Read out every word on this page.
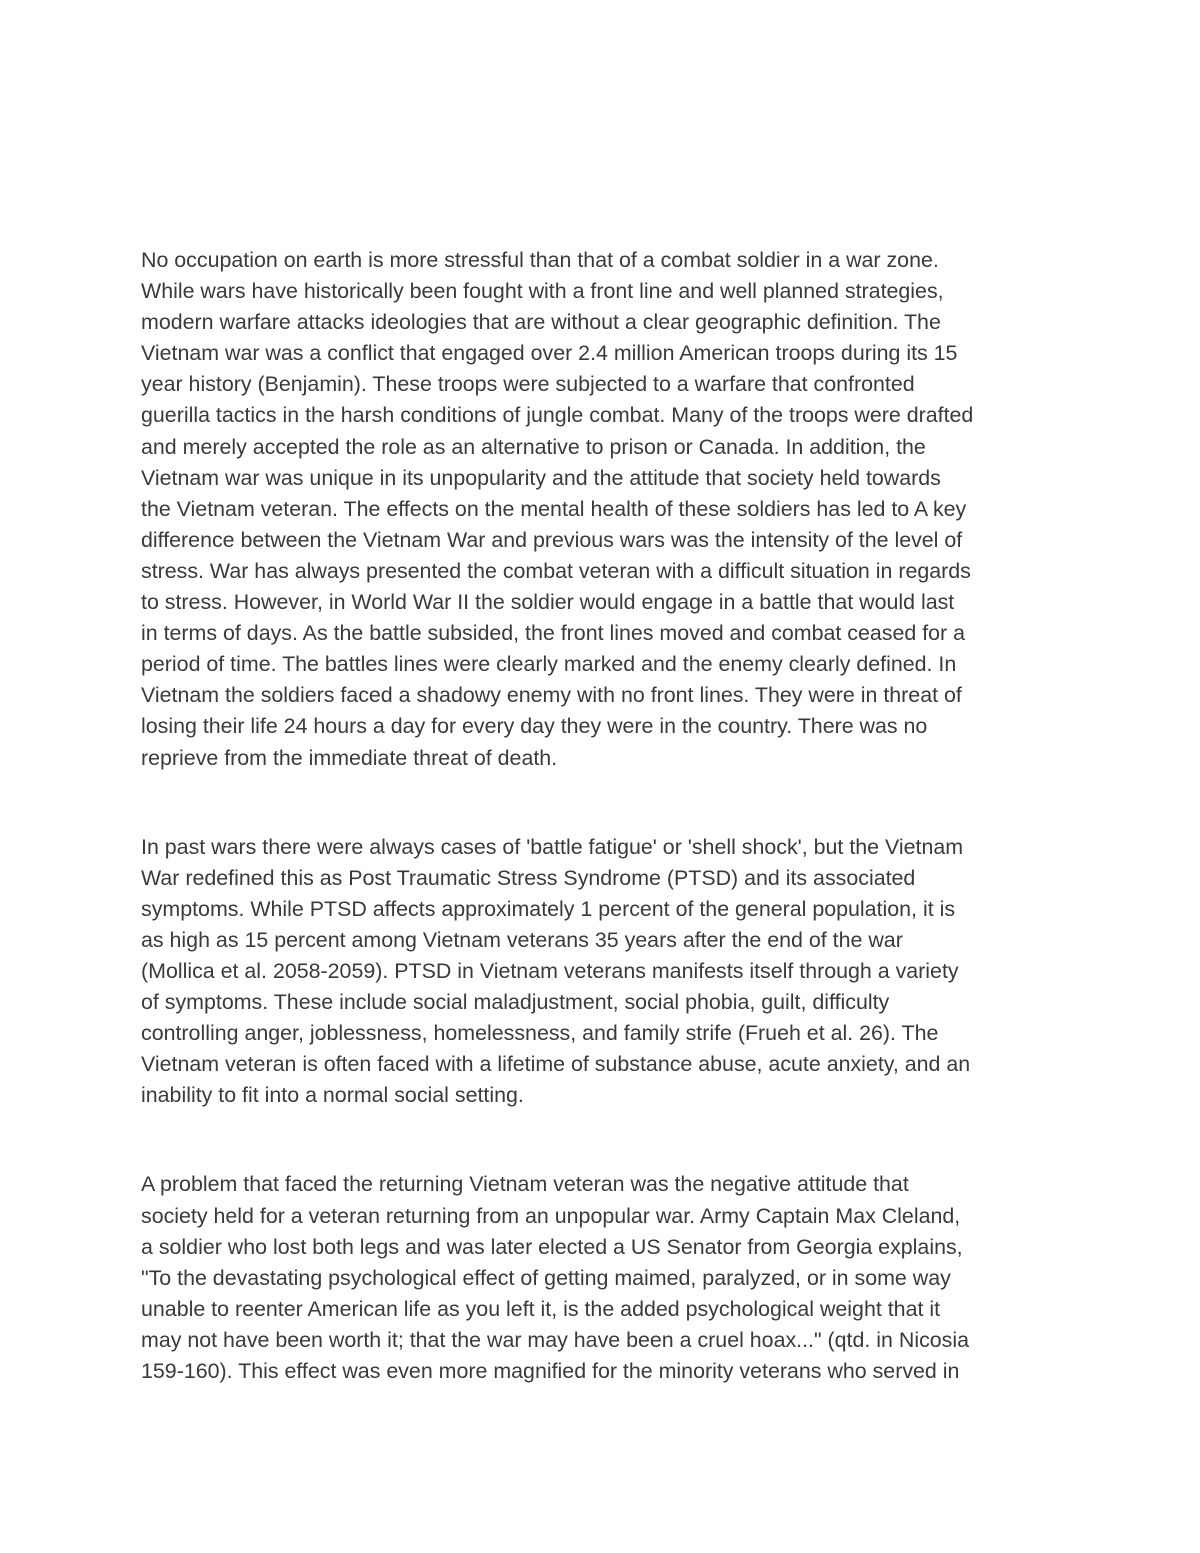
No occupation on earth is more stressful than that of a combat soldier in a war zone.
While wars have historically been fought with a front line and well planned strategies,
modern warfare attacks ideologies that are without a clear geographic definition. The
Vietnam war was a conflict that engaged over 2.4 million American troops during its 15
year history (Benjamin). These troops were subjected to a warfare that confronted
guerilla tactics in the harsh conditions of jungle combat. Many of the troops were drafted
and merely accepted the role as an alternative to prison or Canada. In addition, the
Vietnam war was unique in its unpopularity and the attitude that society held towards
the Vietnam veteran. The effects on the mental health of these soldiers has led to A key
difference between the Vietnam War and previous wars was the intensity of the level of
stress. War has always presented the combat veteran with a difficult situation in regards
to stress. However, in World War II the soldier would engage in a battle that would last
in terms of days. As the battle subsided, the front lines moved and combat ceased for a
period of time. The battles lines were clearly marked and the enemy clearly defined. In
Vietnam the soldiers faced a shadowy enemy with no front lines. They were in threat of
losing their life 24 hours a day for every day they were in the country. There was no
reprieve from the immediate threat of death.

In past wars there were always cases of 'battle fatigue' or 'shell shock', but the Vietnam
War redefined this as Post Traumatic Stress Syndrome (PTSD) and its associated
symptoms. While PTSD affects approximately 1 percent of the general population, it is
as high as 15 percent among Vietnam veterans 35 years after the end of the war
(Mollica et al. 2058-2059). PTSD in Vietnam veterans manifests itself through a variety
of symptoms. These include social maladjustment, social phobia, guilt, difficulty
controlling anger, joblessness, homelessness, and family strife (Frueh et al. 26). The
Vietnam veteran is often faced with a lifetime of substance abuse, acute anxiety, and an
inability to fit into a normal social setting.

A problem that faced the returning Vietnam veteran was the negative attitude that
society held for a veteran returning from an unpopular war. Army Captain Max Cleland,
a soldier who lost both legs and was later elected a US Senator from Georgia explains,
"To the devastating psychological effect of getting maimed, paralyzed, or in some way
unable to reenter American life as you left it, is the added psychological weight that it
may not have been worth it; that the war may have been a cruel hoax..." (qtd. in Nicosia
159-160). This effect was even more magnified for the minority veterans who served in
